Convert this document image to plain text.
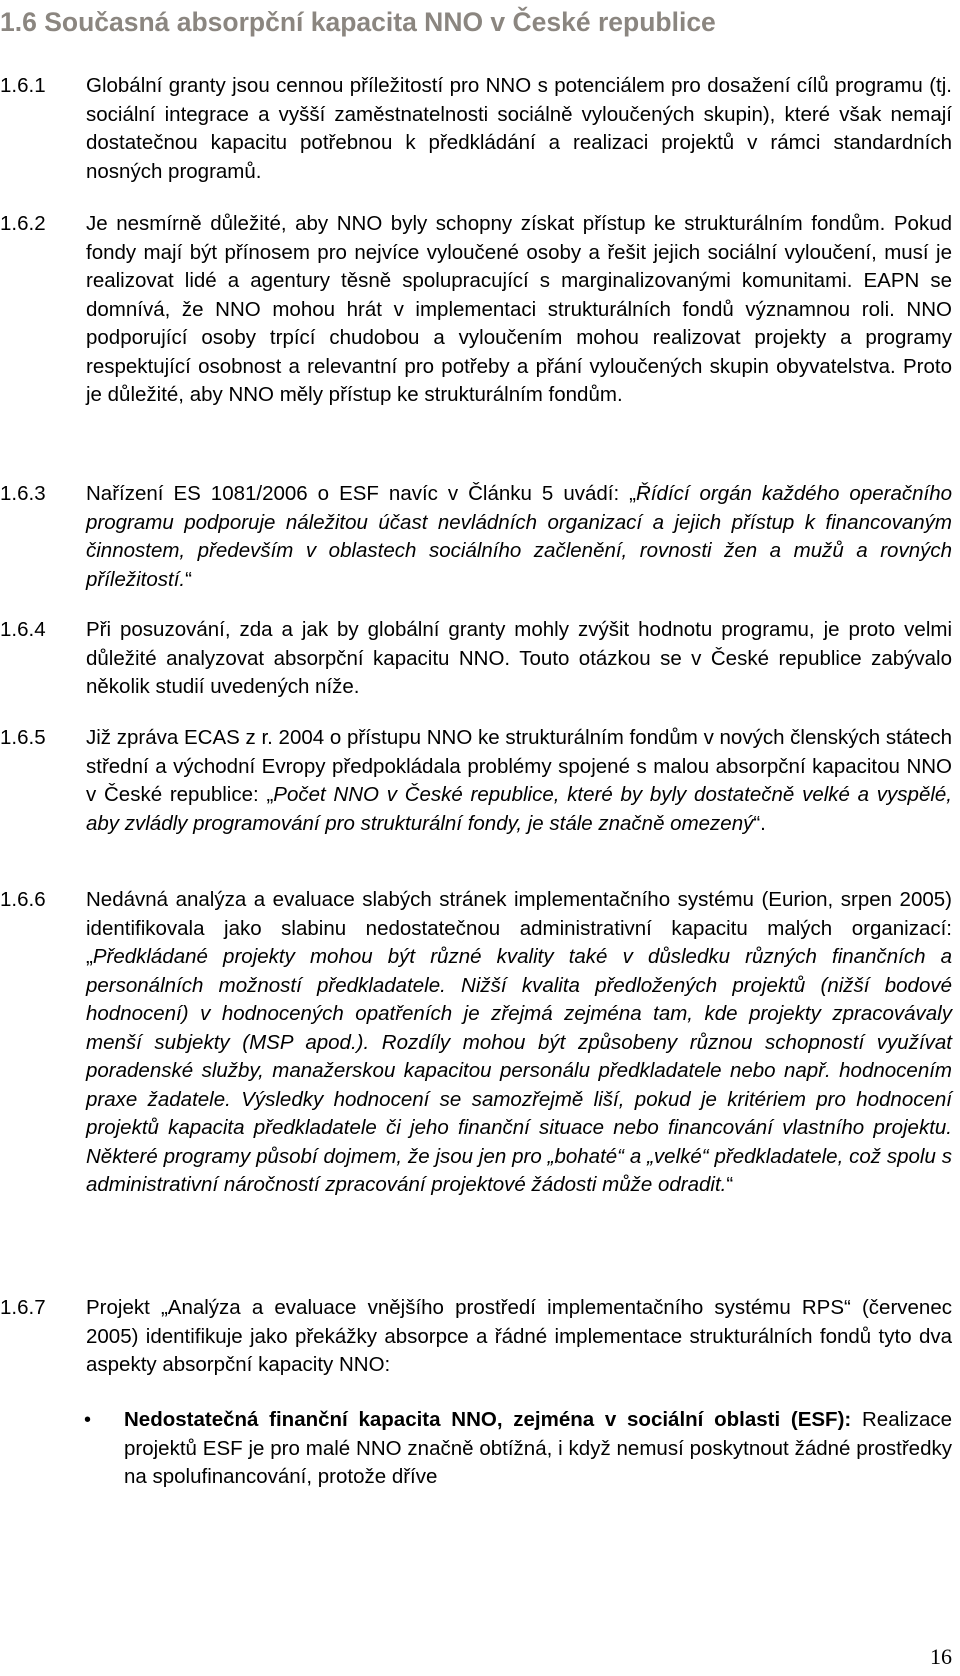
1.6 Současná absorpční kapacita NNO v České republice
1.6.1	Globální granty jsou cennou příležitostí pro NNO s potenciálem pro dosažení cílů programu (tj. sociální integrace a vyšší zaměstnatelnosti sociálně vyloučených skupin), které však nemají dostatečnou kapacitu potřebnou k předkládání a realizaci projektů v rámci standardních nosných programů.
1.6.2	Je nesmírně důležité, aby NNO byly schopny získat přístup ke strukturálním fondům. Pokud fondy mají být přínosem pro nejvíce vyloučené osoby a řešit jejich sociální vyloučení, musí je realizovat lidé a agentury těsně spolupracující s marginalizovanými komunitami. EAPN se domnívá, že NNO mohou hrát v implementaci strukturálních fondů významnou roli. NNO podporující osoby trpící chudobou a vyloučením mohou realizovat projekty a programy respektující osobnost a relevantní pro potřeby a přání vyloučených skupin obyvatelstva. Proto je důležité, aby NNO měly přístup ke strukturálním fondům.
1.6.3	Nařízení ES 1081/2006 o ESF navíc v Článku 5 uvádí: „Řídící orgán každého operačního programu podporuje náležitou účast nevládních organizací a jejich přístup k financovaným činnostem, především v oblastech sociálního začlenění, rovnosti žen a mužů a rovných příležitostí.“
1.6.4	Při posuzování, zda a jak by globální granty mohly zvýšit hodnotu programu, je proto velmi důležité analyzovat absorpční kapacitu NNO. Touto otázkou se v České republice zabývalo několik studií uvedených níže.
1.6.5	Již zpráva ECAS z r. 2004 o přístupu NNO ke strukturálním fondům v nových členských státech střední a východní Evropy předpokládala problémy spojené s malou absorpční kapacitou NNO v České republice: „Počet NNO v České republice, které by byly dostatečně velké a vyspělé, aby zvládly programování pro strukturální fondy, je stále značně omezený“.
1.6.6	Nedávná analýza a evaluace slabých stránek implementačního systému (Eurion, srpen 2005) identifikovala jako slabinu nedostatečnou administrativní kapacitu malých organizací: „Předkládané projekty mohou být různé kvality také v důsledku různých finančních a personálních možností předkladatele. Nižší kvalita předložených projektů (nižší bodové hodnocení) v hodnocených opatřeních je zřejmá zejména tam, kde projekty zpracovávaly menší subjekty (MSP apod.). Rozdíly mohou být způsobeny různou schopností využívat poradenské služby, manažerskou kapacitou personálu předkladatele nebo např. hodnocením praxe žadatele. Výsledky hodnocení se samozřejmě liší, pokud je kritériem pro hodnocení projektů kapacita předkladatele či jeho finanční situace nebo financování vlastního projektu. Některé programy působí dojmem, že jsou jen pro „bohaté“ a „velké“ předkladatele, což spolu s administrativní náročností zpracování projektové žádosti může odradit.“
1.6.7	Projekt „Analýza a evaluace vnějšího prostředí implementačního systému RPS“ (červenec 2005) identifikuje jako překážky absorpce a řádné implementace strukturálních fondů tyto dva aspekty absorpční kapacity NNO:
• Nedostatečná finanční kapacita NNO, zejména v sociální oblasti (ESF): Realizace projektů ESF je pro malé NNO značně obtížná, i když nemusí poskytnout žádné prostředky na spolufinancování, protože dříve
16
